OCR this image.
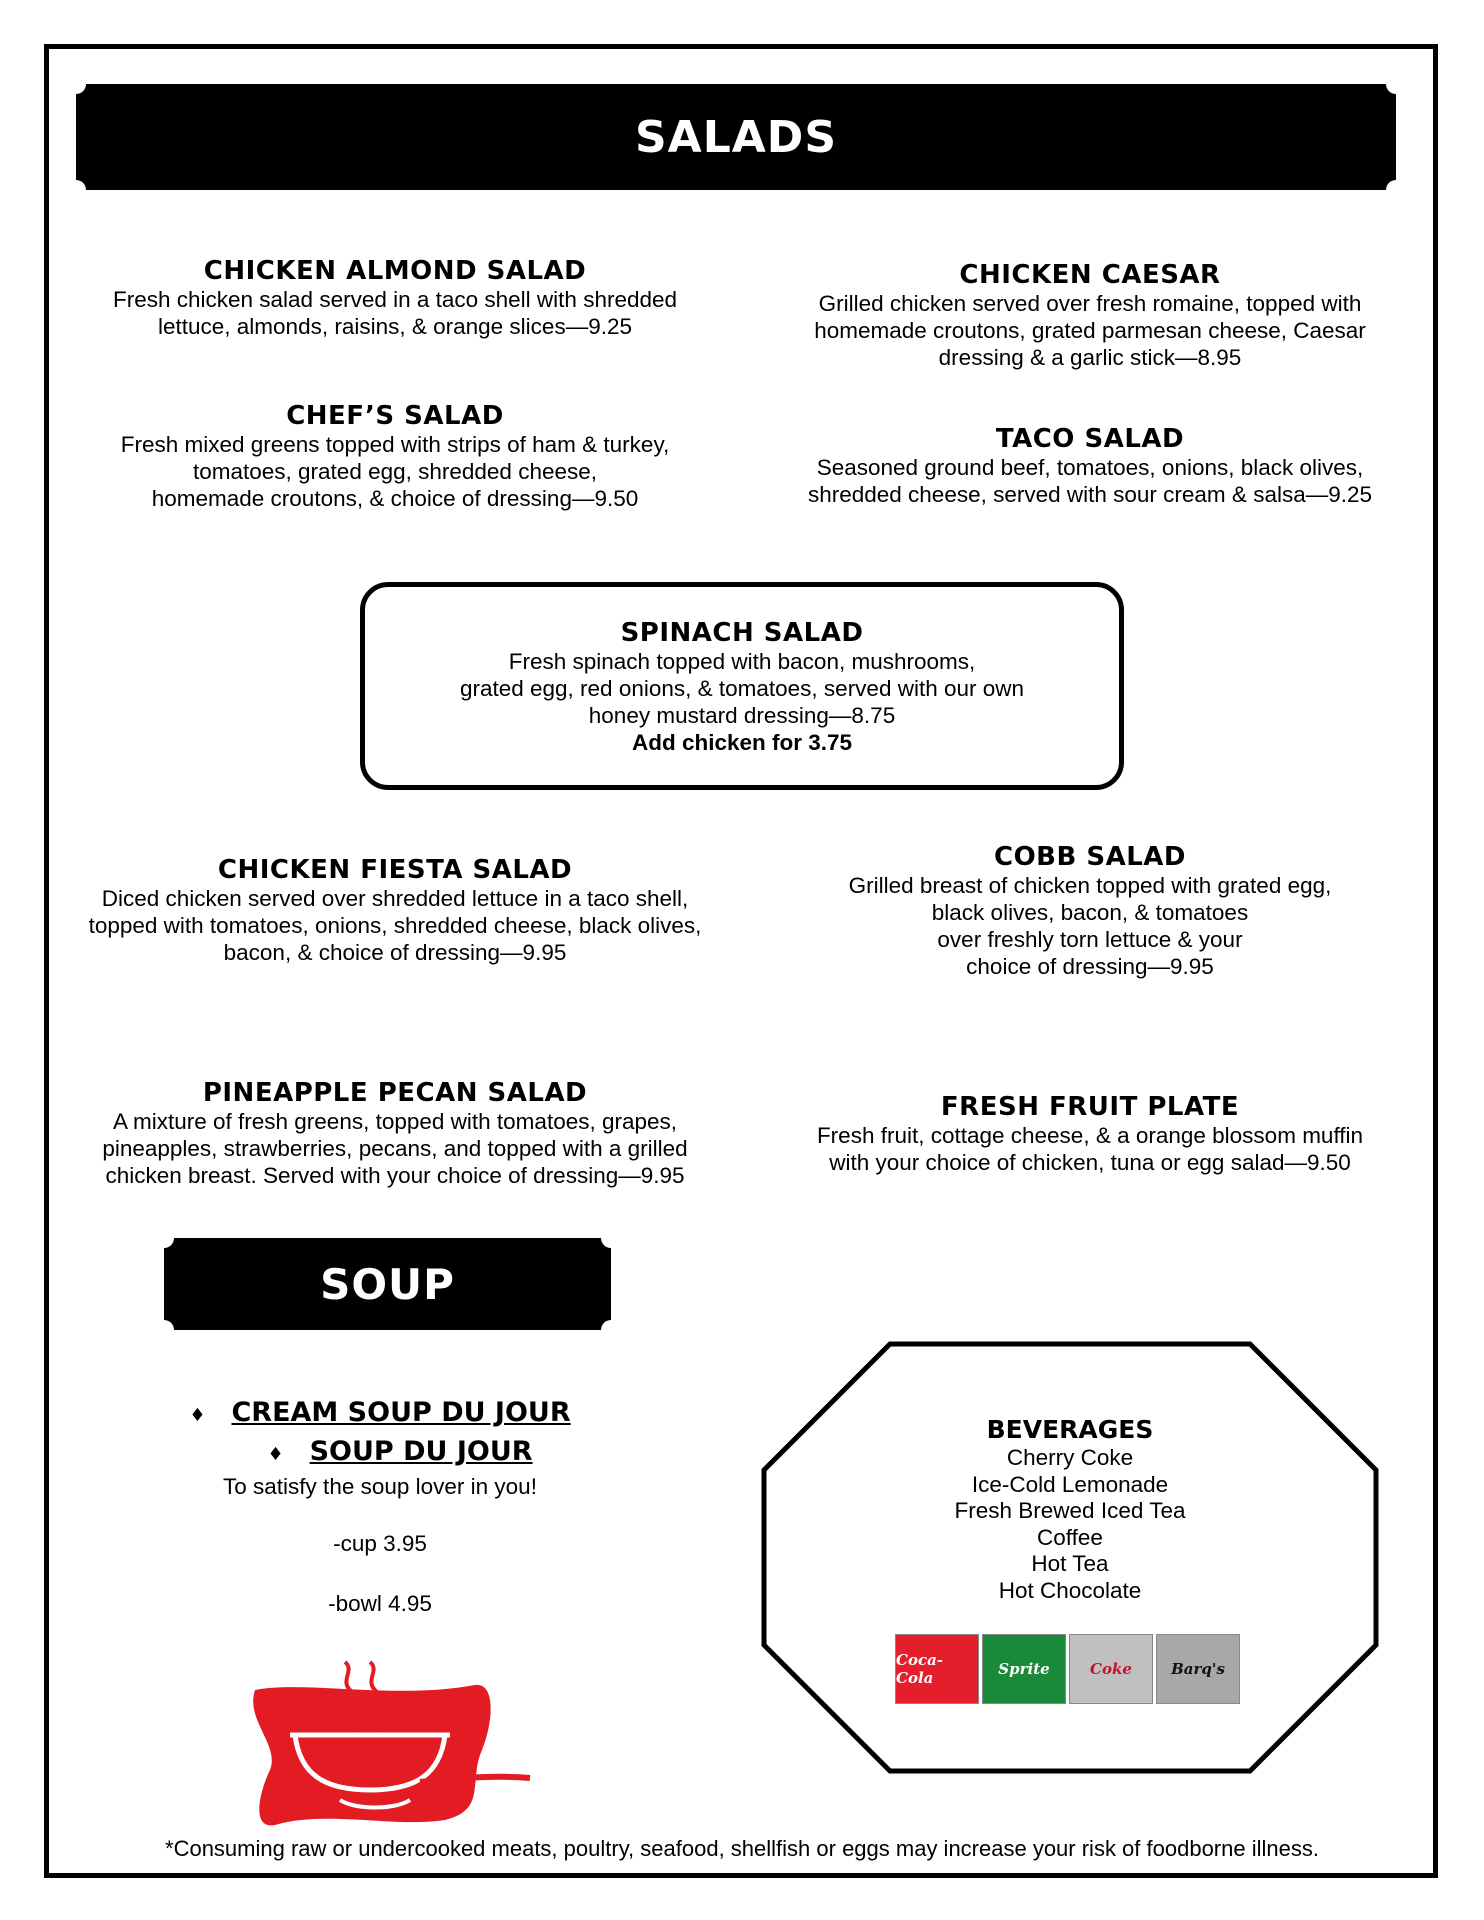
SALADS
CHICKEN ALMOND SALAD

Fresh chicken salad served in a taco shell with shredded

lettuce, almonds, raisins, & orange slices—9.25

CHICKEN CAESAR

Grilled chicken served over fresh romaine, topped with

homemade croutons, grated parmesan cheese, Caesar

dressing & a garlic stick—8.95

CHEF’S SALAD

Fresh mixed greens topped with strips of ham & turkey,

tomatoes, grated egg, shredded cheese,

homemade croutons, & choice of dressing—9.50

TACO SALAD

Seasoned ground beef, tomatoes, onions, black olives,

shredded cheese, served with sour cream & salsa—9.25

SPINACH SALAD

Fresh spinach topped with bacon, mushrooms,

grated egg, red onions, & tomatoes, served with our own

honey mustard dressing—8.75

Add chicken for 3.75

CHICKEN FIESTA SALAD

Diced chicken served over shredded lettuce in a taco shell,

topped with tomatoes, onions, shredded cheese, black olives,

bacon, & choice of dressing—9.95

COBB SALAD

Grilled breast of chicken topped with grated egg,

black olives, bacon, & tomatoes

over freshly torn lettuce & your

choice of dressing—9.95

PINEAPPLE PECAN SALAD

A mixture of fresh greens, topped with tomatoes, grapes,

pineapples, strawberries, pecans, and topped with a grilled

chicken breast. Served with your choice of dressing—9.95

FRESH FRUIT PLATE

Fresh fruit, cottage cheese, & a orange blossom muffin

with your choice of chicken, tuna or egg salad—9.50

SOUP
♦ CREAM SOUP DU JOUR
♦ SOUP DU JOUR
To satisfy the soup lover in you!
-cup 3.95
-bowl 4.95
BEVERAGES
Cherry Coke
Ice-Cold Lemonade
Fresh Brewed Iced Tea
Coffee
Hot Tea
Hot Chocolate
Coca-Cola	Sprite	Coke	Barq's
*Consuming raw or undercooked meats, poultry, seafood, shellfish or eggs may increase your risk of foodborne illness.
